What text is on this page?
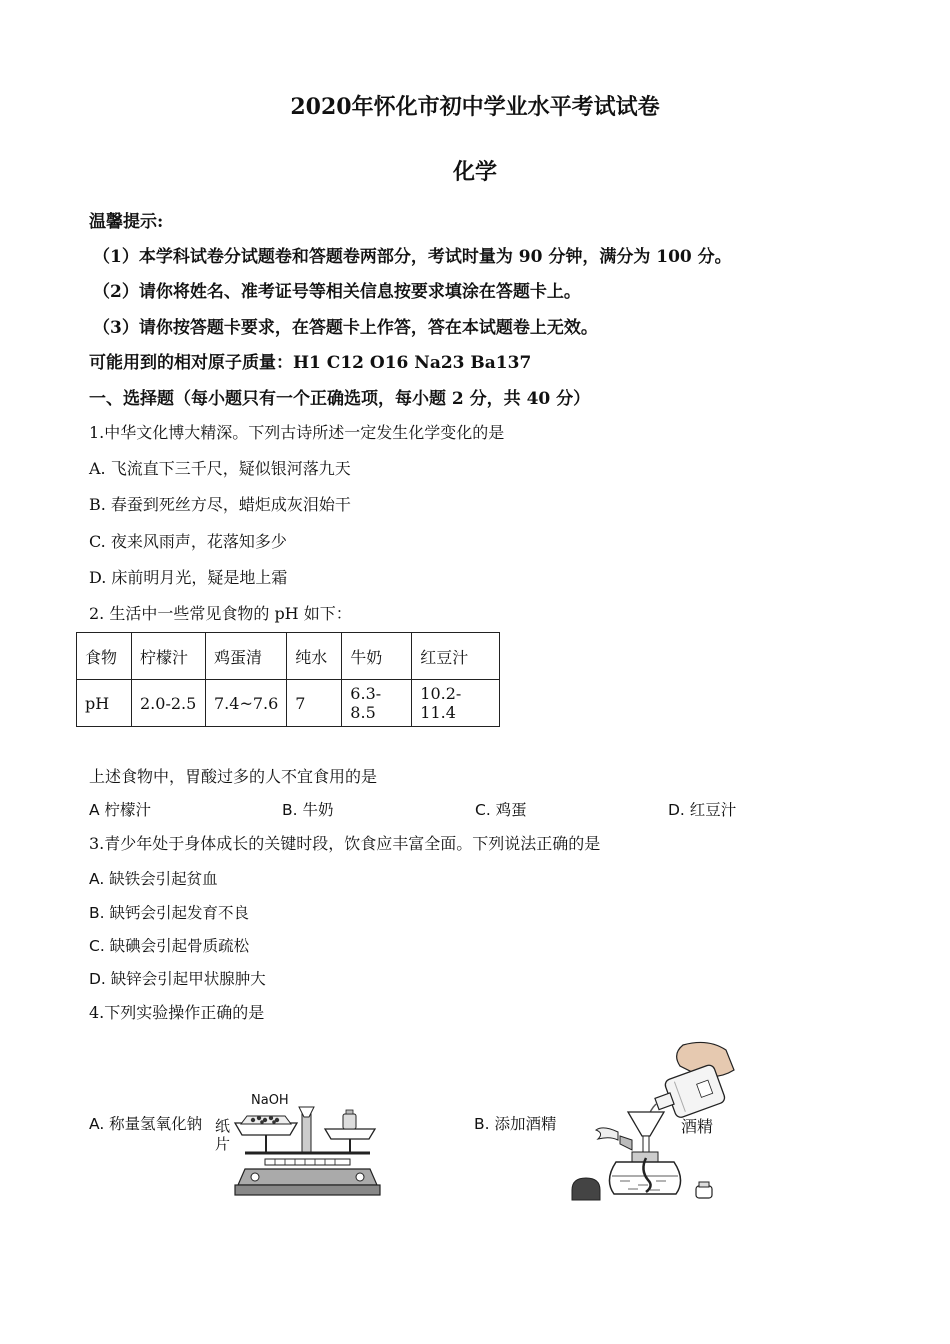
2020年怀化市初中学业水平考试试卷
化学
温馨提示:
（1）本学科试卷分试题卷和答题卷两部分，考试时量为 90 分钟，满分为 100 分。
（2）请你将姓名、准考证号等相关信息按要求填涂在答题卡上。
（3）请你按答题卡要求，在答题卡上作答，答在本试题卷上无效。
可能用到的相对原子质量：H1 C12 O16 Na23 Ba137
一、选择题（每小题只有一个正确选项，每小题 2 分，共 40 分）
1.中华文化博大精深。下列古诗所述一定发生化学变化的是
A. 飞流直下三千尺，疑似银河落九天
B. 春蚕到死丝方尽，蜡炬成灰泪始干
C. 夜来风雨声，花落知多少
D. 床前明月光，疑是地上霜
2. 生活中一些常见食物的 pH 如下：
食物	柠檬汁	鸡蛋清	纯水	牛奶	红豆汁
pH	2.0-2.5	7.4~7.6	7	6.3-8.5	10.2-11.4
上述食物中，胃酸过多的人不宜食用的是
A 柠檬汁	B. 牛奶	C. 鸡蛋	D. 红豆汁
3.青少年处于身体成长的关键时段，饮食应丰富全面。下列说法正确的是
A. 缺铁会引起贫血
B. 缺钙会引起发育不良
C. 缺碘会引起骨质疏松
D. 缺锌会引起甲状腺肿大
4.下列实验操作正确的是
A. 称量氢氧化钠	B. 添加酒精
NaOH
纸
片
酒精
